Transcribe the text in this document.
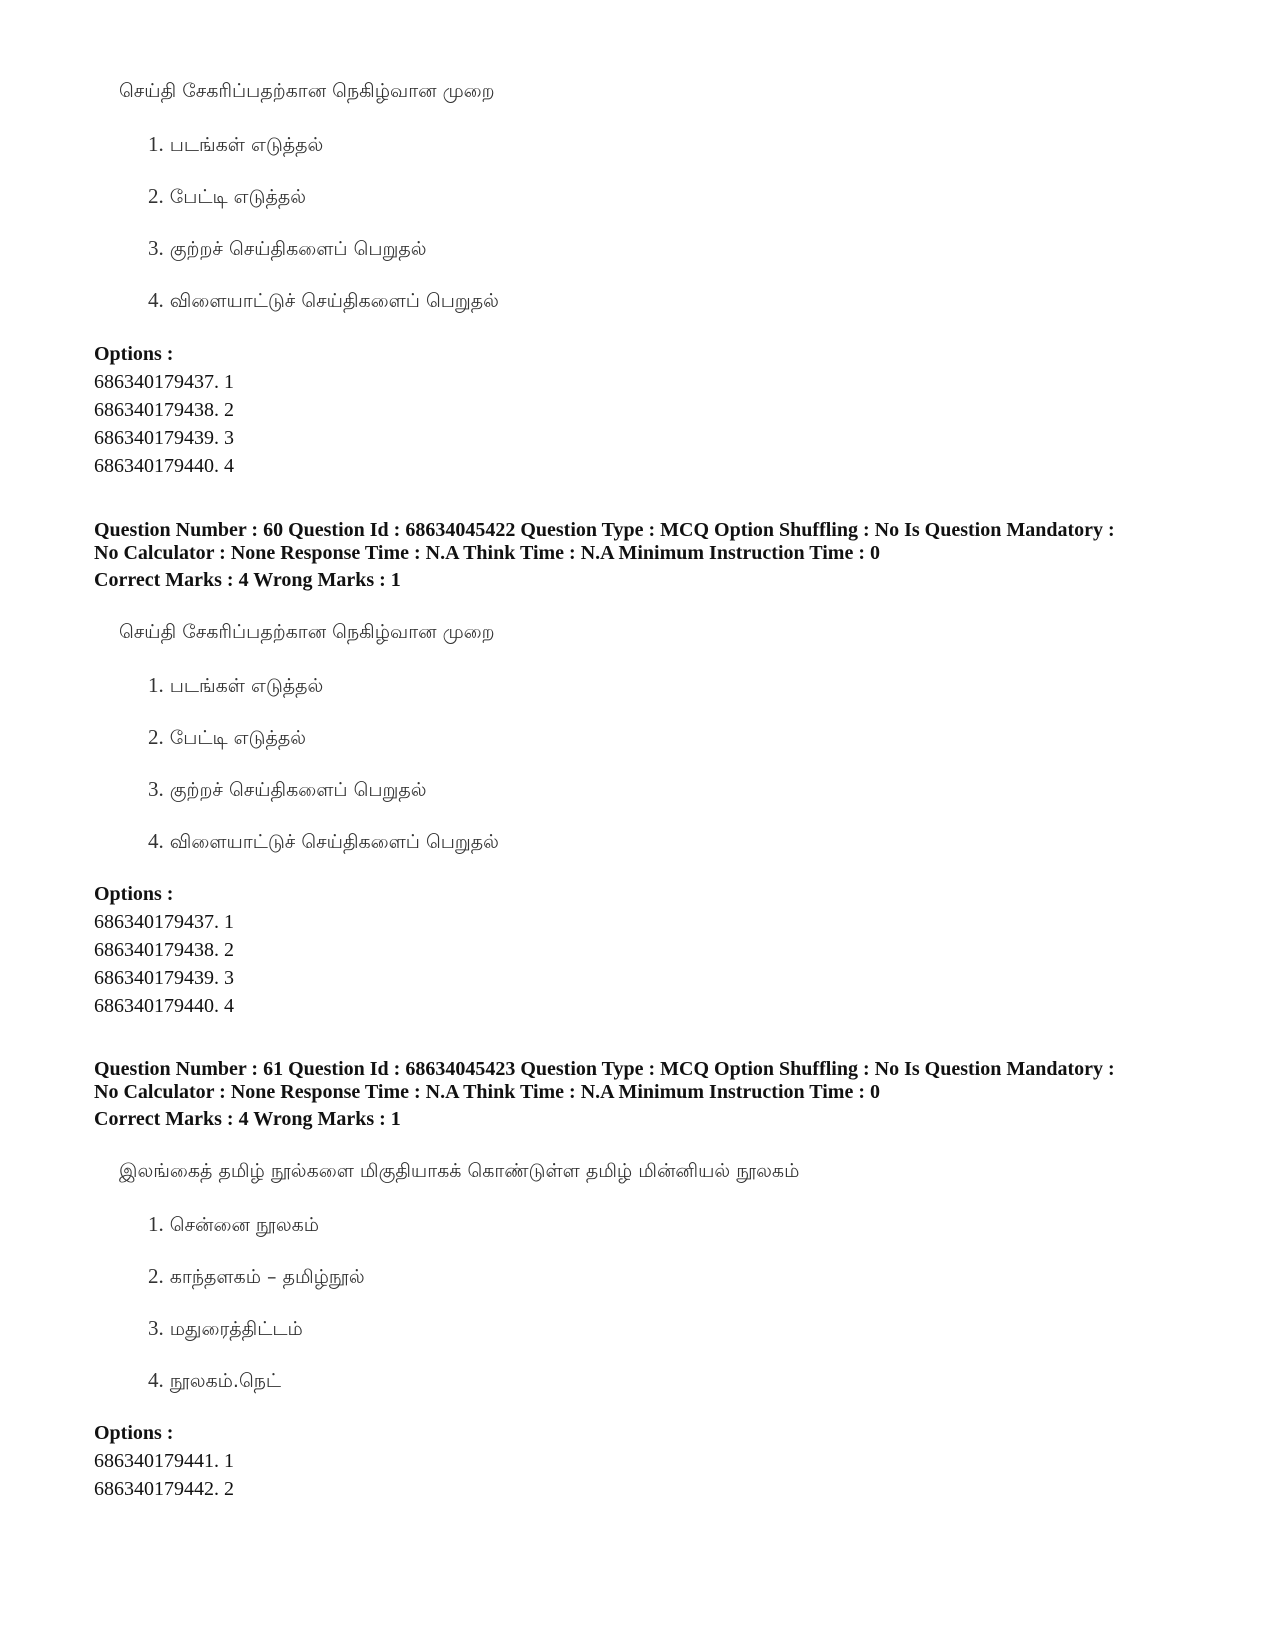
செய்தி சேகரிப்பதற்கான நெகிழ்வான முறை
1. படங்கள் எடுத்தல்
2. பேட்டி எடுத்தல்
3. குற்றச் செய்திகளைப் பெறுதல்
4. விளையாட்டுச் செய்திகளைப் பெறுதல்
Options :
686340179437. 1
686340179438. 2
686340179439. 3
686340179440. 4
Question Number : 60 Question Id : 68634045422 Question Type : MCQ Option Shuffling : No Is Question Mandatory :
No Calculator : None Response Time : N.A Think Time : N.A Minimum Instruction Time : 0
Correct Marks : 4 Wrong Marks : 1
செய்தி சேகரிப்பதற்கான நெகிழ்வான முறை
1. படங்கள் எடுத்தல்
2. பேட்டி எடுத்தல்
3. குற்றச் செய்திகளைப் பெறுதல்
4. விளையாட்டுச் செய்திகளைப் பெறுதல்
Options :
686340179437. 1
686340179438. 2
686340179439. 3
686340179440. 4
Question Number : 61 Question Id : 68634045423 Question Type : MCQ Option Shuffling : No Is Question Mandatory :
No Calculator : None Response Time : N.A Think Time : N.A Minimum Instruction Time : 0
Correct Marks : 4 Wrong Marks : 1
இலங்கைத் தமிழ் நூல்களை மிகுதியாகக் கொண்டுள்ள தமிழ் மின்னியல் நூலகம்
1. சென்னை நூலகம்
2. காந்தளகம் – தமிழ்நூல்
3. மதுரைத்திட்டம்
4. நூலகம்.நெட்
Options :
686340179441. 1
686340179442. 2
